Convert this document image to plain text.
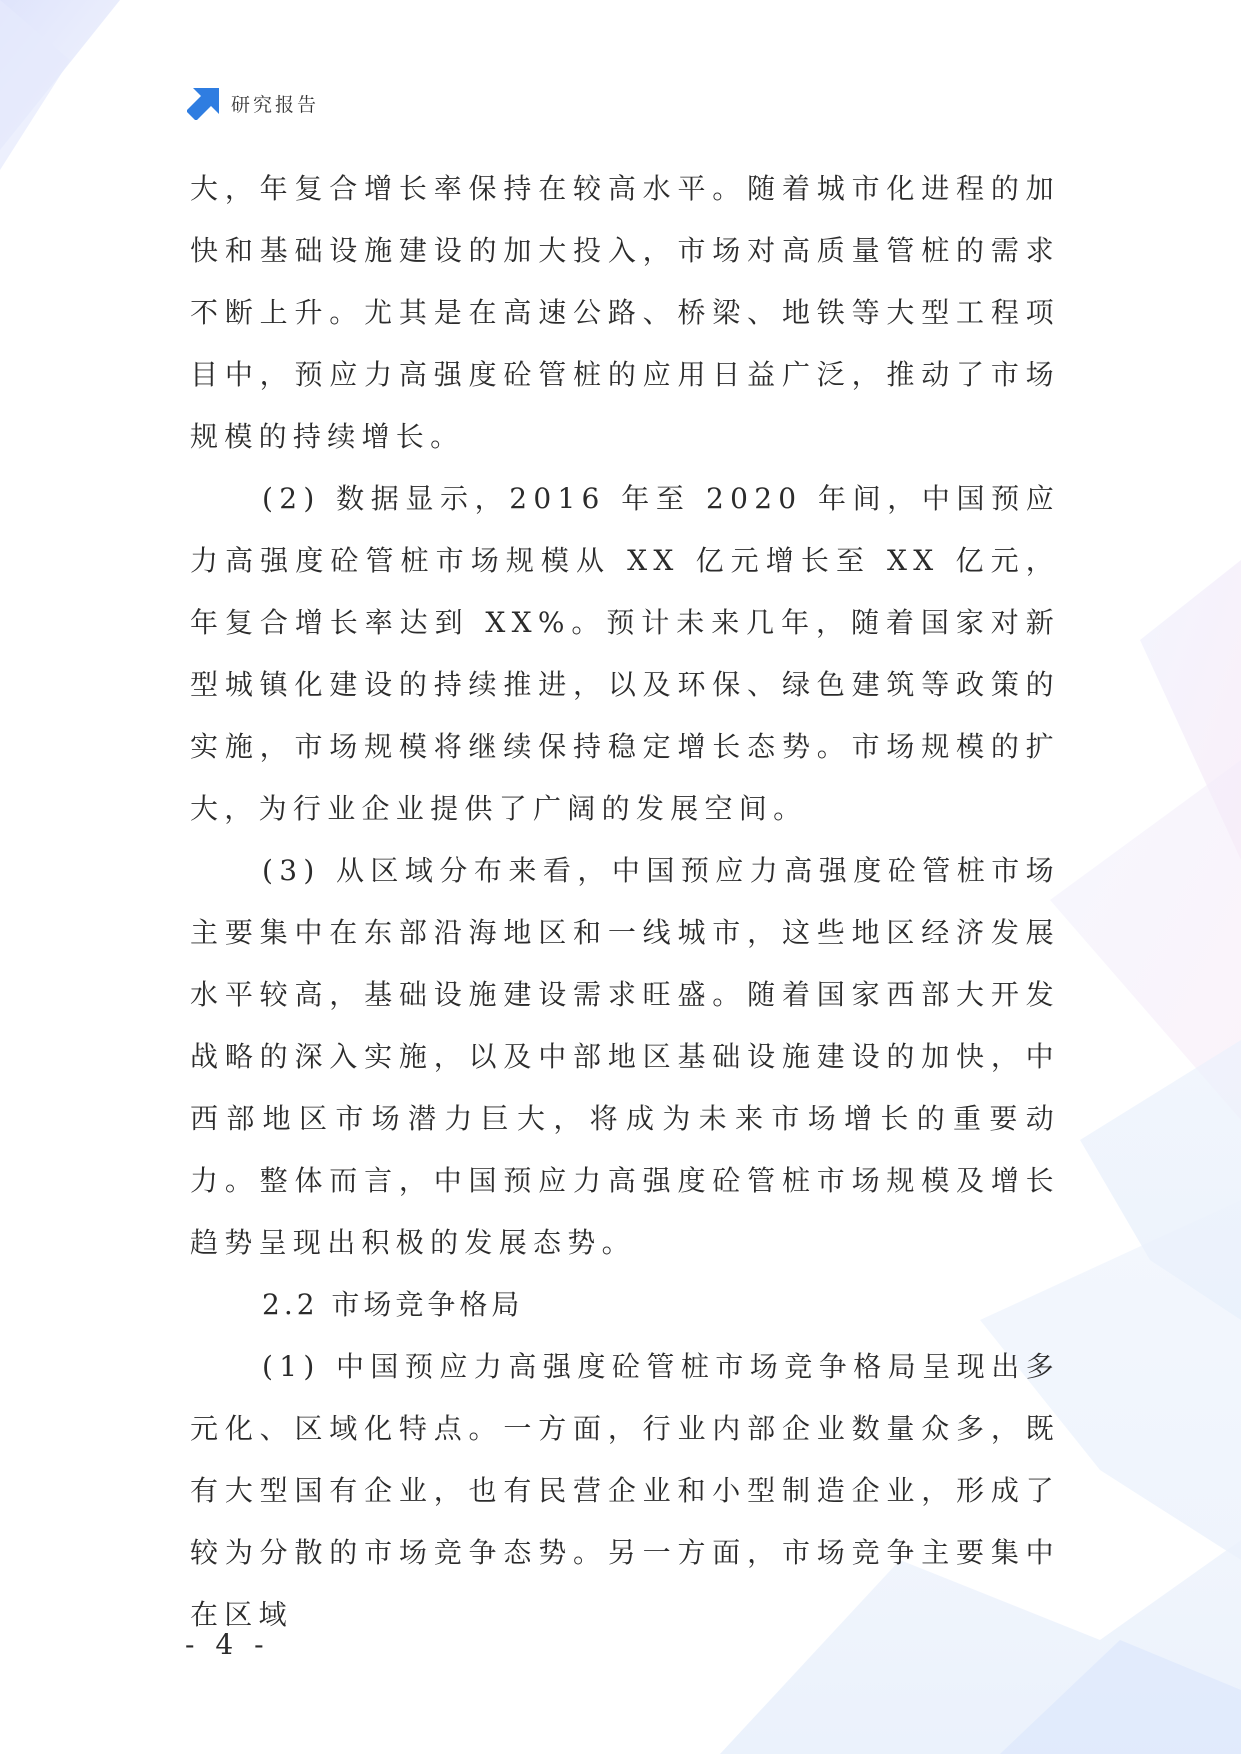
研究报告

大，年复合增长率保持在较高水平。随着城市化进程的加快和基础设施建设的加大投入，市场对高质量管桩的需求不断上升。尤其是在高速公路、桥梁、地铁等大型工程项目中，预应力高强度砼管桩的应用日益广泛，推动了市场规模的持续增长。

(2) 数据显示，2016 年至 2020 年间，中国预应力高强度砼管桩市场规模从 XX 亿元增长至 XX 亿元，年复合增长率达到 XX%。预计未来几年，随着国家对新型城镇化建设的持续推进，以及环保、绿色建筑等政策的实施，市场规模将继续保持稳定增长态势。市场规模的扩大，为行业企业提供了广阔的发展空间。

(3) 从区域分布来看，中国预应力高强度砼管桩市场主要集中在东部沿海地区和一线城市，这些地区经济发展水平较高，基础设施建设需求旺盛。随着国家西部大开发战略的深入实施，以及中部地区基础设施建设的加快，中西部地区市场潜力巨大，将成为未来市场增长的重要动力。整体而言，中国预应力高强度砼管桩市场规模及增长趋势呈现出积极的发展态势。

2.2 市场竞争格局

(1) 中国预应力高强度砼管桩市场竞争格局呈现出多元化、区域化特点。一方面，行业内部企业数量众多，既有大型国有企业，也有民营企业和小型制造企业，形成了较为分散的市场竞争态势。另一方面，市场竞争主要集中在区域

- 4 -
